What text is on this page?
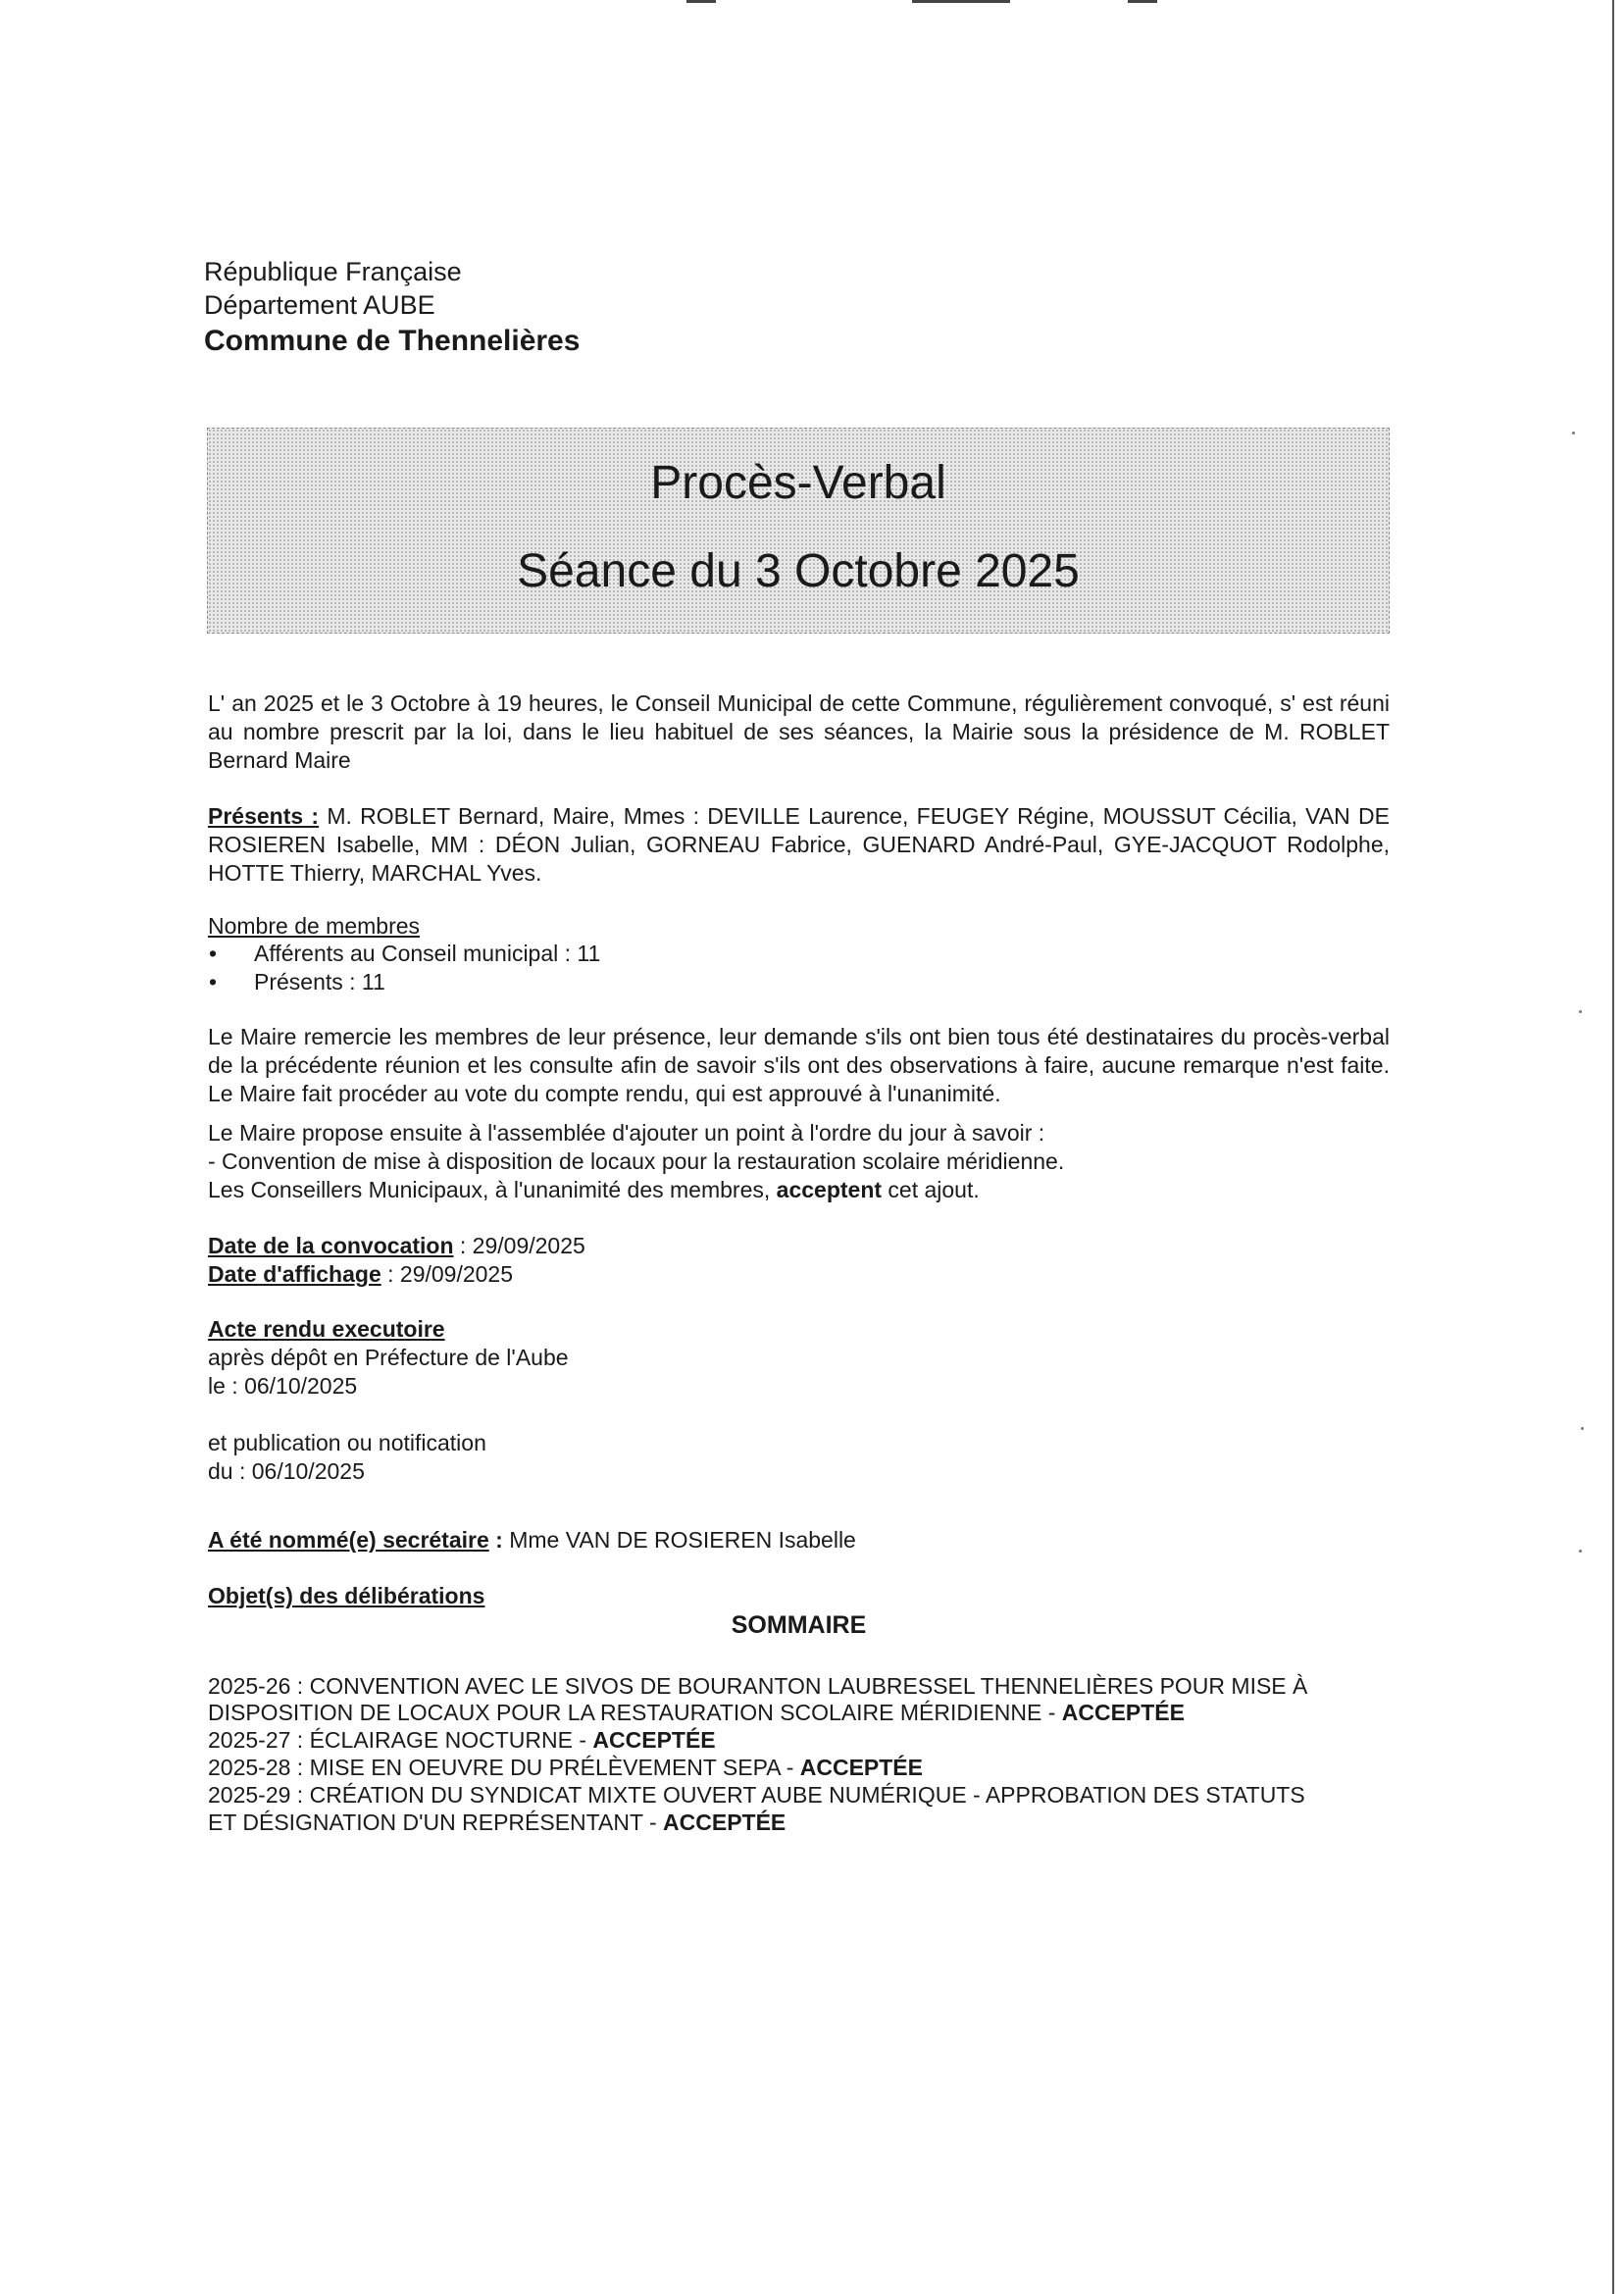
République Française
Département AUBE
Commune de Thennelières
Procès-Verbal
Séance du 3 Octobre 2025
L' an 2025 et le 3 Octobre à 19 heures, le Conseil Municipal de cette Commune, régulièrement convoqué, s' est réuni au nombre prescrit par la loi, dans le lieu habituel de ses séances, la Mairie sous la présidence de M. ROBLET Bernard Maire
Présents : M. ROBLET Bernard, Maire, Mmes : DEVILLE Laurence, FEUGEY Régine, MOUSSUT Cécilia, VAN DE ROSIEREN Isabelle, MM : DÉON Julian, GORNEAU Fabrice, GUENARD André-Paul, GYE-JACQUOT Rodolphe, HOTTE Thierry, MARCHAL Yves.
Nombre de membres
• Afférents au Conseil municipal : 11
• Présents : 11
Le Maire remercie les membres de leur présence, leur demande s'ils ont bien tous été destinataires du procès-verbal de la précédente réunion et les consulte afin de savoir s'ils ont des observations à faire, aucune remarque n'est faite. Le Maire fait procéder au vote du compte rendu, qui est approuvé à l'unanimité.
Le Maire propose ensuite à l'assemblée d'ajouter un point à l'ordre du jour à savoir :
- Convention de mise à disposition de locaux pour la restauration scolaire méridienne.
Les Conseillers Municipaux, à l'unanimité des membres, acceptent cet ajout.
Date de la convocation : 29/09/2025
Date d'affichage : 29/09/2025
Acte rendu executoire
après dépôt en Préfecture de l'Aube
le : 06/10/2025
et publication ou notification
du : 06/10/2025
A été nommé(e) secrétaire : Mme VAN DE ROSIEREN Isabelle
Objet(s) des délibérations
SOMMAIRE
2025-26 : CONVENTION AVEC LE SIVOS DE BOURANTON LAUBRESSEL THENNELIÈRES POUR MISE À
DISPOSITION DE LOCAUX POUR LA RESTAURATION SCOLAIRE MÉRIDIENNE - ACCEPTÉE
2025-27 : ÉCLAIRAGE NOCTURNE - ACCEPTÉE
2025-28 : MISE EN OEUVRE DU PRÉLÈVEMENT SEPA - ACCEPTÉE
2025-29 : CRÉATION DU SYNDICAT MIXTE OUVERT AUBE NUMÉRIQUE - APPROBATION DES STATUTS
ET DÉSIGNATION D'UN REPRÉSENTANT - ACCEPTÉE
